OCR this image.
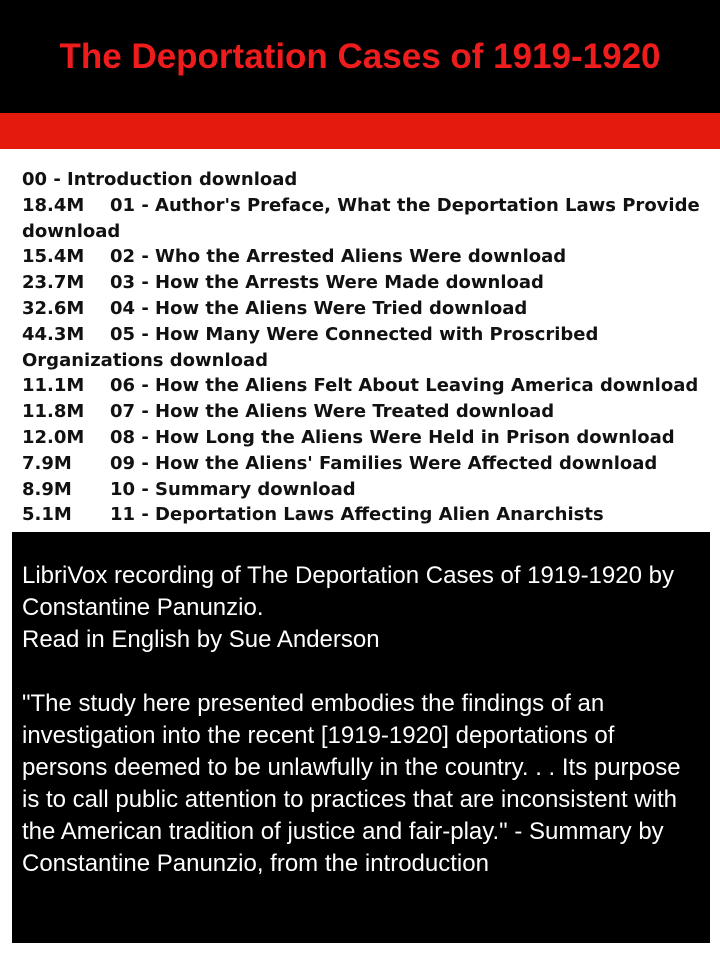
The Deportation Cases of 1919-1920
00 - Introduction download
18.4M 01 - Author's Preface, What the Deportation Laws Provide download
15.4M 02 - Who the Arrested Aliens Were download
23.7M 03 - How the Arrests Were Made download
32.6M 04 - How the Aliens Were Tried download
44.3M 05 - How Many Were Connected with Proscribed Organizations download
11.1M 06 - How the Aliens Felt About Leaving America download
11.8M 07 - How the Aliens Were Treated download
12.0M 08 - How Long the Aliens Were Held in Prison download
7.9M 09 - How the Aliens' Families Were Affected download
8.9M 10 - Summary download
5.1M 11 - Deportation Laws Affecting Alien Anarchists

LibriVox recording of The Deportation Cases of 1919-1920 by Constantine Panunzio.

Read in English by Sue Anderson

"The study here presented embodies the findings of an investigation into the recent [1919-1920] deportations of persons deemed to be unlawfully in the country. . . Its purpose is to call public attention to practices that are inconsistent with the American tradition of justice and fair-play." - Summary by Constantine Panunzio, from the introduction
